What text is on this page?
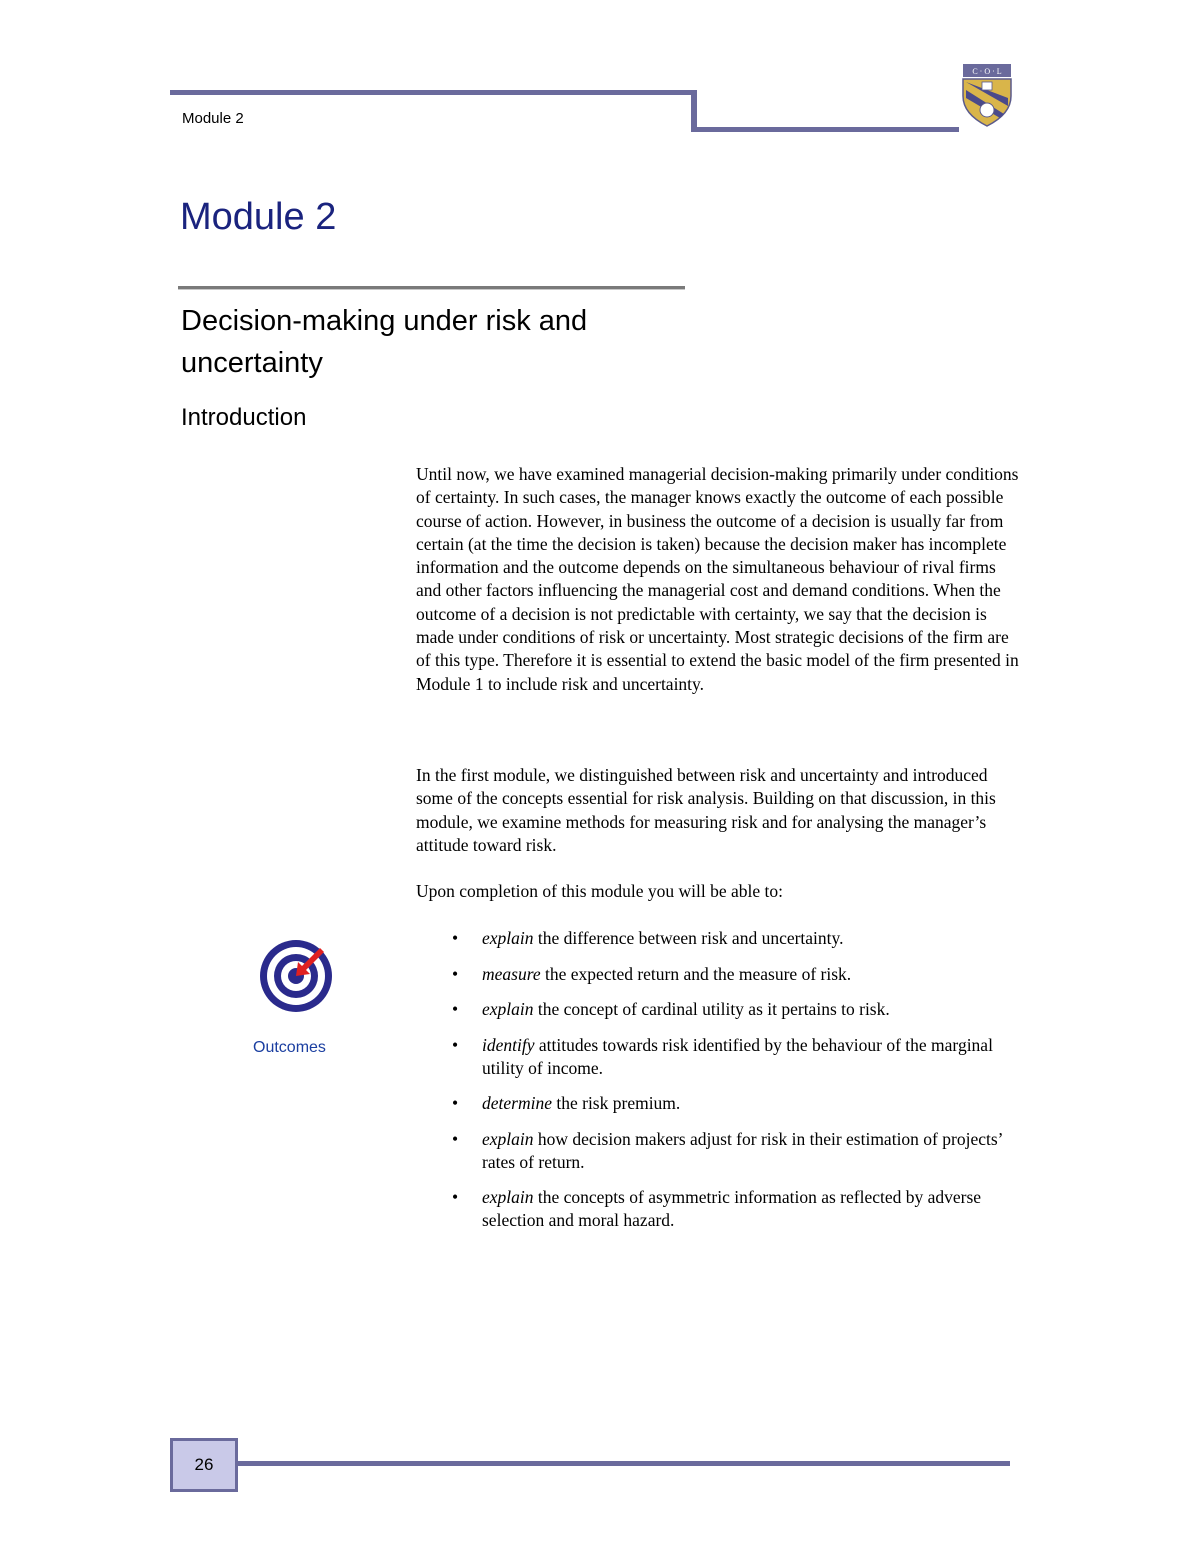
Module 2
C · O · L
Module 2
Decision-making under risk and uncertainty
Introduction
Until now, we have examined managerial decision-making primarily under conditions of certainty. In such cases, the manager knows exactly the outcome of each possible course of action. However, in business the outcome of a decision is usually far from certain (at the time the decision is taken) because the decision maker has incomplete information and the outcome depends on the simultaneous behaviour of rival firms and other factors influencing the managerial cost and demand conditions. When the outcome of a decision is not predictable with certainty, we say that the decision is made under conditions of risk or uncertainty. Most strategic decisions of the firm are of this type. Therefore it is essential to extend the basic model of the firm presented in Module 1 to include risk and uncertainty.
In the first module, we distinguished between risk and uncertainty and introduced some of the concepts essential for risk analysis. Building on that discussion, in this module, we examine methods for measuring risk and for analysing the manager’s attitude toward risk.
Upon completion of this module you will be able to:
Outcomes
• explain the difference between risk and uncertainty.
• measure the expected return and the measure of risk.
• explain the concept of cardinal utility as it pertains to risk.
• identify attitudes towards risk identified by the behaviour of the marginal utility of income.
• determine the risk premium.
• explain how decision makers adjust for risk in their estimation of projects’ rates of return.
• explain the concepts of asymmetric information as reflected by adverse selection and moral hazard.
26
